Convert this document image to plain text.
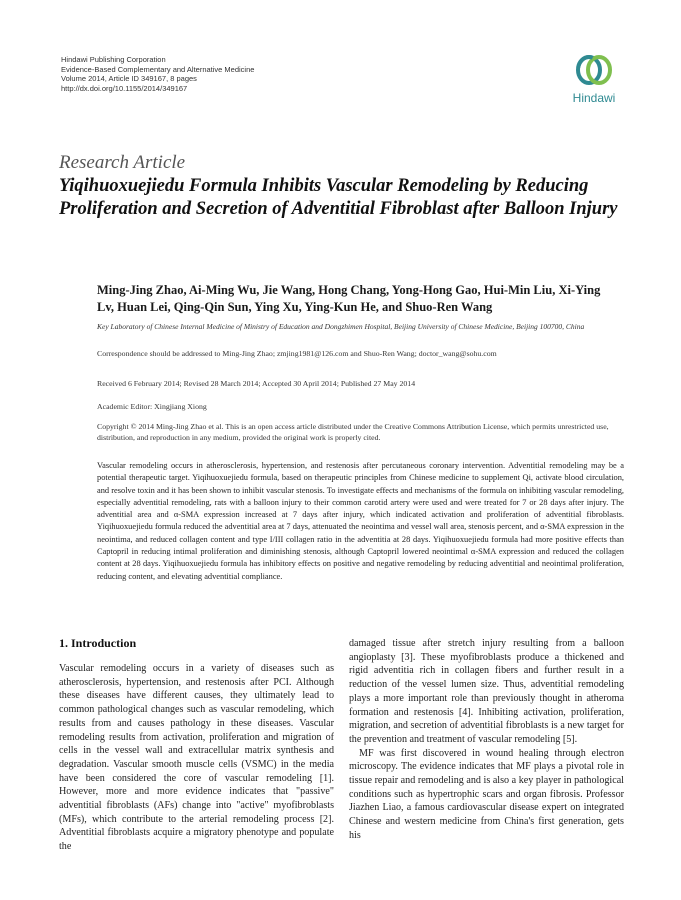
Hindawi Publishing Corporation
Evidence-Based Complementary and Alternative Medicine
Volume 2014, Article ID 349167, 8 pages
http://dx.doi.org/10.1155/2014/349167
Hindawi
Research Article
Yiqihuoxuejiedu Formula Inhibits Vascular Remodeling by Reducing Proliferation and Secretion of Adventitial Fibroblast after Balloon Injury
Ming-Jing Zhao, Ai-Ming Wu, Jie Wang, Hong Chang, Yong-Hong Gao, Hui-Min Liu, Xi-Ying Lv, Huan Lei, Qing-Qin Sun, Ying Xu, Ying-Kun He, and Shuo-Ren Wang
Key Laboratory of Chinese Internal Medicine of Ministry of Education and Dongzhimen Hospital, Beijing University of Chinese Medicine, Beijing 100700, China
Correspondence should be addressed to Ming-Jing Zhao; zmjing1981@126.com and Shuo-Ren Wang; doctor_wang@sohu.com
Received 6 February 2014; Revised 28 March 2014; Accepted 30 April 2014; Published 27 May 2014
Academic Editor: Xingjiang Xiong
Copyright © 2014 Ming-Jing Zhao et al. This is an open access article distributed under the Creative Commons Attribution License, which permits unrestricted use, distribution, and reproduction in any medium, provided the original work is properly cited.
Vascular remodeling occurs in atherosclerosis, hypertension, and restenosis after percutaneous coronary intervention. Adventitial remodeling may be a potential therapeutic target. Yiqihuoxuejiedu formula, based on therapeutic principles from Chinese medicine to supplement Qi, activate blood circulation, and resolve toxin and it has been shown to inhibit vascular stenosis. To investigate effects and mechanisms of the formula on inhibiting vascular remodeling, especially adventitial remodeling, rats with a balloon injury to their common carotid artery were used and were treated for 7 or 28 days after injury. The adventitial area and α-SMA expression increased at 7 days after injury, which indicated activation and proliferation of adventitial fibroblasts. Yiqihuoxuejiedu formula reduced the adventitial area at 7 days, attenuated the neointima and vessel wall area, stenosis percent, and α-SMA expression in the neointima, and reduced collagen content and type I/III collagen ratio in the adventitia at 28 days. Yiqihuoxuejiedu formula had more positive effects than Captopril in reducing intimal proliferation and diminishing stenosis, although Captopril lowered neointimal α-SMA expression and reduced the collagen content at 28 days. Yiqihuoxuejiedu formula has inhibitory effects on positive and negative remodeling by reducing adventitial and neointimal proliferation, reducing content, and elevating adventitial compliance.
1. Introduction

Vascular remodeling occurs in a variety of diseases such as atherosclerosis, hypertension, and restenosis after PCI. Although these diseases have different causes, they ultimately lead to common pathological changes such as vascular remodeling, which results from and causes pathology in these diseases. Vascular remodeling results from activation, proliferation and migration of cells in the vessel wall and extracellular matrix synthesis and degradation. Vascular smooth muscle cells (VSMC) in the media have been considered the core of vascular remodeling [1]. However, more and more evidence indicates that "passive" adventitial fibroblasts (AFs) change into "active" myofibroblasts (MFs), which contribute to the arterial remodeling process [2]. Adventitial fibroblasts acquire a migratory phenotype and populate the

damaged tissue after stretch injury resulting from a balloon angioplasty [3]. These myofibroblasts produce a thickened and rigid adventitia rich in collagen fibers and further result in a reduction of the vessel lumen size. Thus, adventitial remodeling plays a more important role than previously thought in atheroma formation and restenosis [4]. Inhibiting activation, proliferation, migration, and secretion of adventitial fibroblasts is a new target for the prevention and treatment of vascular remodeling [5].

MF was first discovered in wound healing through electron microscopy. The evidence indicates that MF plays a pivotal role in tissue repair and remodeling and is also a key player in pathological conditions such as hypertrophic scars and organ fibrosis. Professor Jiazhen Liao, a famous cardiovascular disease expert on integrated Chinese and western medicine from China's first generation, gets his
